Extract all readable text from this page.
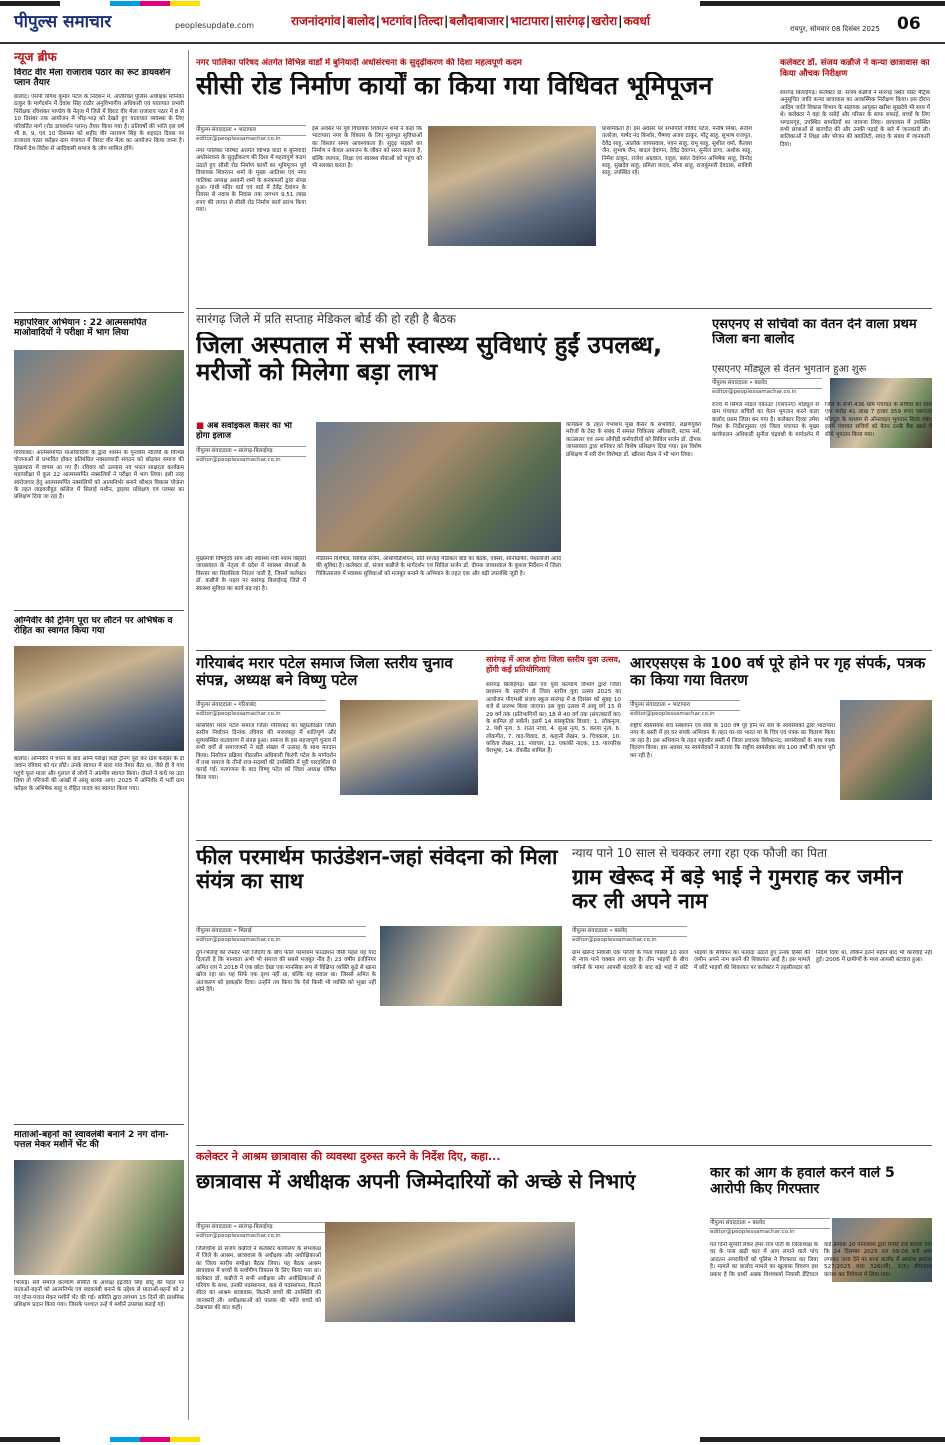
पीपुल्स समाचार	peoplesupdate.com	राजनांदगांव|बालोद|भटगांव|तिल्दा|बलौदाबाजार|भाटापारा|सारंगढ़|खरोरा|कवर्धा
रायपुर, सोमवार 08 दिसंबर 2025 06
न्यूज ब्रीफ
विराट वीर मेला राजाराव पठार का रूट डायवर्शन प्लान तैयार
बालोद। एसपी योगेश कुमार पटेल के निर्देशन में, अतिरिक्त पुलिस अधीक्षक मोनिका ठाकुर के मार्गदर्शन में देवांश सिंह राठौर अनुविभागीय अधिकारी एवं यातायात प्रभारी निरीक्षक रविशंकर पाण्डेय के नेतृत्व में जिले में विराट वीर मेला राजाराव पठार में 8 से 10 दिसंबर तक आयोजन में भीड़-भाड़ को देखते हुए यातायात व्यवस्था के लिए परिवर्तित मार्ग (रोड डायवर्शन प्लान) तैयार किया गया है। प्रतिवर्षों की भांति इस वर्ष भी 8, 9, एवं 10 दिसम्बर को शहीद वीर नारायण सिंह के शहादत दिवस पर राजाराव पठार करेंझर ग्राम पंचायत में विराट वीर मेला का आयोजन किया जाना है। जिसमें देश-विदेश से आदिवासी समाज के लोग शामिल होंगे।
महापरिवार अभियान : 22 आत्मसमर्पित माओवादियों ने परीक्षा में भाग लिया
गरियाबंद। आत्मसमर्पित माओवादियों के द्वारा शासन के पुनर्वास नीतियों के विभिन्न योजनाओं से प्रभावित होकर प्रतिबंधित नक्सलवादी संगठन को छोड़कर समाज की मुख्यधारा में वापस आ गए हैं। रविवार को उल्लास नव भारत साक्षरता कार्यक्रम महापरीक्षा में कुल 22 आत्मसमर्पित नक्सलियों ने परीक्षा में भाग लिया। इसी तरह स्वरोजगार हेतु आत्मसमर्पित नक्सलियों को आत्मनिर्भर बनाने कौशल विकास योजना के तहत लाइवलीहुड कॉलेज में सिलाई मशीन, ड्राइवर प्रशिक्षण एवं प्लम्बर का प्रशिक्षण दिया जा रहा है।
अग्निवीर की ट्रेनिंग पूरा घर लौटने पर अभिषेक व रोहित का स्वागत किया गया
बालोद। अग्निवीर में चयन के बाद अग्नि परीक्षा कड़ी ट्रेनिंग पूरा कर ग्राम करेंझर के दो जवान रविवार को घर लौटे। उनके स्वागत में सारा गांव तैयार बैठा था, जैसे ही वे गांव पहुंचे फूल माला और गुलाल से लोगों ने आत्मीय स्वागत किया। दोस्तों ने कंधे पर उठा लिया तो परिजनों की आंखों में आंसू छलक आए। 2025 में अग्निवीर में भर्ती ग्राम करेंझर के अभिषेक साहू व रोहित यादव का स्वागत किया गया।
माताओं-बहनों को स्वावलंबी बनाने 2 नग दोना-पत्तल मेकर मशीनें भेंट की
भिलाई। सर्व समाज कल्याण समिति के अध्यक्ष इंद्रजीत सिंह छोटू की पहल पर माताओं-बहनों को आत्मनिर्भर एवं स्वावलंबी बनाने के उद्देश्य से माताओं-बहनों को 2 नग दोना-पत्तल मेकर मशीनें भेंट की गई। समिति द्वारा लगभग 15 दिनों की प्राथमिक प्रशिक्षण प्रदान किया गया। जिसके पश्चात उन्हें ये मशीनें उपलब्ध कराई गई।
नगर पालिका परिषद अंतर्गत विभिन्न वार्डों में बुनियादी अधोसंरचना के सुदृढ़ीकरण की दिशा महत्वपूर्ण कदम
सीसी रोड निर्माण कार्यों का किया गया विधिवत भूमिपूजन
पीपुल्स संवाददाता • भाटापारा
editor@peoplessamachar.co.in
नगर पालिका परिषद अंतर्गत विभिन्न वार्डों में बुनियादी अधोसंरचना के सुदृढ़ीकरण की दिशा में महत्वपूर्ण कदम उठाते हुए सीसी रोड निर्माण कार्यों का भूमिपूजन पूर्व विधायक शिवरतन शर्मा के मुख्य आतिथ्य एवं नगर पालिका अध्यक्ष अश्वनी शर्मा के करकमलों द्वारा संपन्न हुआ। गांधी मंदिर वार्ड एवं वार्ड में देवेंद्र देवांगन के निवास से नवाब के निवास तक लगभग 9.51 लाख रुपए की लागत से सीसी रोड निर्माण कार्य प्रारंभ किया गया।
इस अवसर पर पूर्व विधायक शिवरतन शर्मा ने कहा कि भाटापारा नगर के विकास के लिए मूलभूत सुविधाओं का विस्तार समय आवश्यकता है। सुदृढ़ सड़कों का निर्माण न केवल आमजन के जीवन को सरल बनाता है, बल्कि व्यापार, शिक्षा एवं स्वास्थ्य सेवाओं को पहुंच को भी सशक्त करता है।
प्राथमिकता है। इस अवसर पर सभापति गोविंद पटेल, मनीष मिश्रा, सतीश तलरेजा, पार्षद नंद किशोर, पैष्णव अजय ठाकुर, मोंटू साहू, सुभाष राजपूत, देवेंद्र साहू, आलोक जायसवाल, पवन साहू, रामू साहू, सुशील वर्मा, कैलाश जैन, सुभाष जैन, बादल देवांगन, देवेंद्र देवांगन, सुनील डागा, अशोक साहू, निमेश ठाकुर, राजेश अग्रवाल, राहुल, बसंत देवांगन अभिषेक साहू, विनोद साहू, सुखदेव साहू, प्रमिला यादव, सोना साहू, राजकुमारी देवदास, सावित्री साहू, उपस्थित रहे।
कलेक्टर डॉ. संजय कन्नौजे ने कन्या छात्रावास का किया औचक निरीक्षण
सारंगढ़ बिलाईगढ़। कलेक्टर डॉ. संजय कन्नौजे ने सारंगढ़ स्थित पोस्ट मैट्रिक अनुसूचित जाति कन्या छात्रावास का आकस्मिक निरीक्षण किया। इस दौरान आदिम जाति विकास विभाग के सहायक आयुक्त खरीश सुखदेवे भी साथ में थे। कलेक्टर ने वहां के रसोई और परिसर के साफ सफाई, बच्चों के लिए भण्डारगृह, उपस्थित सामग्रियों का जायजा लिया। छात्रावास में उपस्थित सभी छात्राओं से बातचीत की और उनकी पढ़ाई के बारे में जानकारी ली। बालिकाओं ने शिक्षा और भोजन की क्वालिटी, स्वाद के संबंध में जानकारी दिया।
सारंगढ़ जिले में प्रति सप्ताह मेडिकल बोर्ड की हो रही है बैठक
जिला अस्पताल में सभी स्वास्थ्य सुविधाएं हुईं उपलब्ध, मरीजों को मिलेगा बड़ा लाभ
■ अब सर्वाइकल कैंसर का भी होगा इलाज
पीपुल्स संवाददाता • सारंगढ़-बिलाईगढ़
editor@peoplessamachar.co.in
कार्यक्रम के तहत गर्भाशय मुख कैंसर के संभावित, लक्षणयुक्त मरीजों के टेस्ट के संबंध में समस्त चिकित्सा अधिकारी, स्टाफ नर्स, काउंसलर एवं अन्य ओपीडी कर्मचारियों को सिविल सर्जन डॉ. दीपक जायसवाल द्वारा शनिवार को विशेष प्रशिक्षण दिया गया। इस विशेष प्रशिक्षण में स्त्री रोग विशेषज्ञ डॉ. खीरसा मैडम ने भी भाग लिया।
मुख्यमंत्री विष्णुदेव साय और स्वास्थ्य मंत्री श्याम बिहारी जायसवाल के नेतृत्व में प्रदेश में स्वास्थ्य सेवाओं के विस्तार का सिलसिला निरंतर जारी है, जिसमें कलेक्टर डॉ. कन्नौजे के पहल पर सारंगढ़ बिलाईगढ़ जिले में स्वास्थ्य सुविधा का कार्य बढ़ रहा है।
मेडिसिन विशेषज्ञ, सिविल सर्जन, ऑर्थोपेडिशियन, प्रति सप्ताह मेडिकल बोर्ड का बैठक, एक्सरे, सोनोग्राफी, पैथोलॉजी आदि की सुविधा है। कलेक्टर डॉ. संजय कन्नौजे के मार्गदर्शन एवं सिविल सर्जन डॉ. दीपक जायसवाल के कुशल निर्देशन में जिला चिकित्सालय में स्वास्थ्य सुविधाओं को मजबूत बनाने के अभियान के तहत एक और बड़ी उपलब्धि जुड़ी है।
एसएनए से सचिवों का वेतन देने वाला प्रथम जिला बना बालोद
एसएनए मॉड्यूल से वेतन भुगतान हुआ शुरू
पीपुल्स संवाददाता • बालोद
editor@peoplessamachar.co.in
राज्य में सिंगल नोडल एकाउंट (एसएनए) मॉड्यूल से ग्राम पंचायत सचिवों का वेतन भुगतान करने वाला बालोद प्रथम जिला बन गया है। कलेक्टर दिव्या उमेश मिश्रा के निर्देशानुसार एवं जिला पंचायत के मुख्य कार्यपालन अधिकारी सुनील चंद्रवंशी के मार्गदर्शन में जिले के सभी 436 ग्राम पंचायत के सचिवों को राशि एक करोड़ 41 लाख 7 हजार 359 रुपए एसएनए मॉड्यूल के माध्यम से ऑनलाइन भुगतान किया गया। इसमें पंचायत सचिवों को वेतन उनके बैंक खाते में सीधे भुगतान किया गया।
गरियाबंद मरार पटेल समाज जिला स्तरीय चुनाव संपन्न, अध्यक्ष बने विष्णु पटेल
पीपुल्स संवाददाता • गरियाबंद
editor@peoplessamachar.co.in
कोसरिया मरार पटेल समाज जिला गरियाबंद का बहुप्रतीक्षित जिला स्तरीय निर्वाचन दिनांक रविवार की मजरकट्टा में शांतिपूर्ण और सुव्यवस्थित वातावरण में संपन्न हुआ। समाज के इस महत्त्वपूर्ण चुनाव में सभी वर्गों से समाजजनों ने बड़ी संख्या में उत्साह के साथ मतदान किया। निर्वाचन प्रक्रिया पीठासीन अधिकारी फिरंगी पटेल के मार्गदर्शन में तथा समाज के तीनों राज-सदस्यों की उपस्थिति में पूरी पारदर्शिता से कराई गई। मतगणना के बाद विष्णु पटेल को जिला अध्यक्ष घोषित किया गया।
सारंगढ़ में आज होगा जिला स्तरीय युवा उत्सव, होंगी कई प्रतियोगिताएं
सारंगढ़ बिलाईगढ़। खेल एवं युवा कल्याण विभाग द्वारा जिला प्रशासन के सहयोग से जिला स्तरीय युवा उत्सव 2025 का आयोजन पीएमश्री संजय स्कूल सारंगढ़ में 8 दिसंबर को सुबह 10 बजे से प्रारम्भ किया जाएगा। इस युवा उत्सव में आयु वर्ग 15 से 29 वर्ग तक (प्रतिभागियों का) 18 से 40 वर्ग तक (संगतकारों का) के शामिल हो सकेंगे। इसमें 14 सांस्कृतिक विधाएं: 1. लोकनृत्य, 2. पंथी नृत्य, 3. राउत नाचा, 4. सुआ नृत्य, 5. करमा नृत्य, 6. लोकगीत, 7. वाद-विवाद, 8. कहानी लेखन, 9. चित्रकला, 10. कविता लेखन, 11. नवाचार, 12. एकांकी नाटक, 13. पारंपरिक वेशभूषा, 14. रॉकबैंड शामिल हैं।
आरएसएस के 100 वर्ष पूरे होने पर गृह संपर्क, पत्रक का किया गया वितरण
पीपुल्स संवाददाता • भाटापारा
editor@peoplessamachar.co.in
राष्ट्रीय स्वयंसेवक संघ संस्थापन एवं सेवा के 100 वर्ष पूरे होने पर संघ के स्वयंसेवकों द्वारा भाटापारा नगर के बस्ती में हर घर संपर्क अभियान के तहत घर-घर भारत मां के चित्र एवं पत्रक का वितरण किया जा रहा है। इस अभियान के तहत महावीर बस्ती में जिला प्रचारक विवेकानंद, स्वयंसेवकों के साथ पत्रक वितरण किया। इस अवसर पर स्वयंसेवकों ने बताया कि राष्ट्रीय स्वयंसेवक संघ 100 वर्षों की यात्रा पूरी कर रही है।
फील परमार्थम फाउंडेशन-जहां संवेदना को मिला संयंत्र का साथ
पीपुल्स संवाददाता • भिलाई
editor@peoplessamachar.co.in
दुर्ग-भिलाई की रफ्तार भरी जिंदगी के बीच फील परमार्थम फाउंडेशन जैसी पहल यह याद दिलाती है कि मानवता अभी भी समाज की सबसे मजबूत नींव है। 23 वर्षीय इंजीनियर अमित राय ने 2018 में एक छोटा देखा एक मानसिक रूप से विक्षिप्त व्यक्ति कूड़े से खाना खोज रहा था। यह सिर्फ एक दृश्य नहीं था, बल्कि यह सवाल था। जिससे अमित के अंतःकरण को झकझोर दिया। उन्होंने तय किया कि ऐसे किसी भी व्यक्ति को भूखा नहीं सोने देंगे।
न्याय पाने 10 साल से चक्कर लगा रहा एक फौजी का पिता
ग्राम खेरूद में बड़े भाई ने गुमराह कर जमीन कर ली अपने नाम
पीपुल्स संवाददाता • बालोद
editor@peoplessamachar.co.in
ग्राम खेरूद निवासी एक फौजी के पिता पिछले 10 साल से न्याय पाने चक्कर लगा रहा है। तीन भाइयों के बीच जमीनों के मामा आपसी बंटवारे के बाद बड़े भाई ने छोटे भाइयों के सीधेपन का फायदा उठाते हुए उनके हिस्से की जमीन अपने नाम करने की शिकायत आई है। इस मामले में छोटे भाइयों की शिकायत पर कलेक्टर ने तहसीलदार को निर्देश दिया था, लेकिन इतने महीने बाद भी कार्रवाई नहीं हुई। 2006 में ग्रामीणों के मध्य आपसी बंटवारा हुआ।
कलेक्टर ने आश्रम छात्रावास की व्यवस्था दुरुस्त करने के निर्देश दिए, कहा...
छात्रावास में अधीक्षक अपनी जिम्मेदारियों को अच्छे से निभाएं
पीपुल्स संवाददाता • सारंगढ़-बिलाईगढ़
editor@peoplessamachar.co.in
जिलाधीश डॉ संजय कन्नौजे ने कलेक्टर कार्यालय के सभाकक्ष में जिले के आश्रम, छात्रावास के अधीक्षक और अधीक्षिकाओं का जिला स्तरीय समीक्षा बैठक लिया। यह बैठक आश्रम छात्रावास में बच्चों के सर्वांगीण विकास के लिए किया गया था। कलेक्टर डॉ. कन्नौजे ने सभी अधीक्षक और अधीक्षिकाओं से परिचय के साथ, उनकी पदस्थापना, कब से पदस्थापना, कितने सीटर का आश्रम छात्रावास, कितनी बच्चों की उपस्थिति की जानकारी ली। अधीक्षकाओं को पालक की भांति बच्चों को देखभाल की बात कही।
कार को आग के हवाले करने वाले 5 आरोपी किए गिरफ्तार
पीपुल्स संवाददाता • बालोद
editor@peoplessamachar.co.in
गत दिनों सुपारी लेकर हमर राज पार्टी के जिलाध्यक्ष के घर के पास खड़ी कार में आग लगाने वाले पांच आदतन अपराधियों को पुलिस ने गिरफ्तार कर लिया है। मामले का बालोद मामले का खुलासा विवरण इस प्रकार है कि प्रार्थी अन्नक विश्वकर्मा निवासी डेंटियाल वार्ड क्रमांक 20 पानाबरस द्वारा रिपोर्ट दर्ज कराया गया कि 24 दिसम्बर 2025 रात 09:00 बजे आग लगाकर जला देने पर थाना बालोद में अपराध क्रमांक 527/2025 धारा 326(जी), 3(5) बीएनएस कायम कर विवेचना में लिया गया।
